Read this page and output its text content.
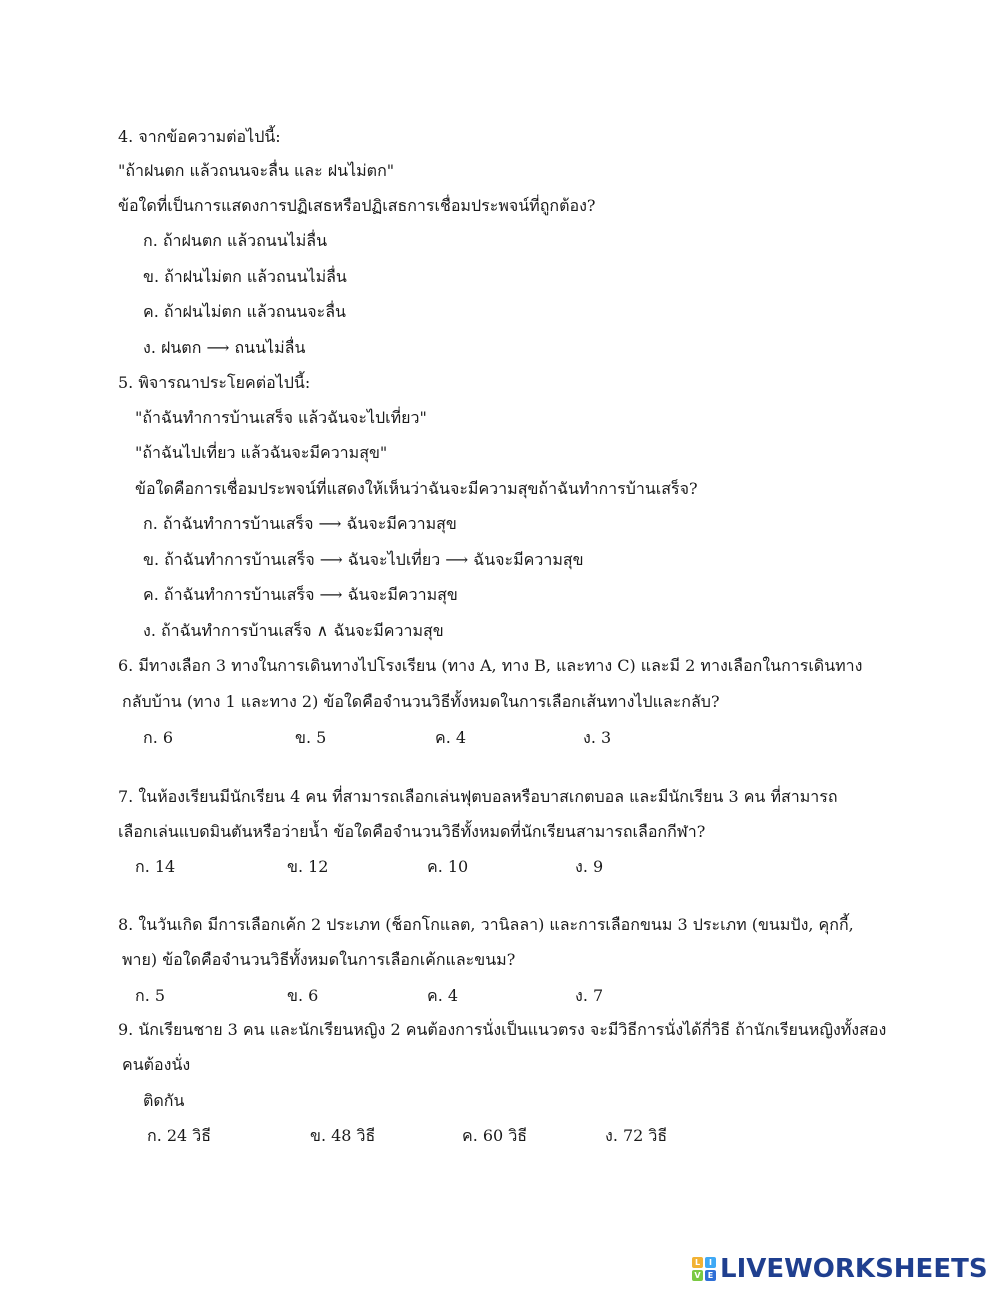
4. จากข้อความต่อไปนี้:
"ถ้าฝนตก แล้วถนนจะลื่น และ ฝนไม่ตก"
ข้อใดที่เป็นการแสดงการปฏิเสธหรือปฏิเสธการเชื่อมประพจน์ที่ถูกต้อง?
ก. ถ้าฝนตก แล้วถนนไม่ลื่น
ข. ถ้าฝนไม่ตก แล้วถนนไม่ลื่น
ค. ถ้าฝนไม่ตก แล้วถนนจะลื่น
ง. ฝนตก ⟶ ถนนไม่ลื่น
5. พิจารณาประโยคต่อไปนี้:
"ถ้าฉันทำการบ้านเสร็จ แล้วฉันจะไปเที่ยว"
"ถ้าฉันไปเที่ยว แล้วฉันจะมีความสุข"
ข้อใดคือการเชื่อมประพจน์ที่แสดงให้เห็นว่าฉันจะมีความสุขถ้าฉันทำการบ้านเสร็จ?
ก. ถ้าฉันทำการบ้านเสร็จ ⟶ ฉันจะมีความสุข
ข. ถ้าฉันทำการบ้านเสร็จ ⟶ ฉันจะไปเที่ยว ⟶ ฉันจะมีความสุข
ค. ถ้าฉันทำการบ้านเสร็จ ⟶ ฉันจะมีความสุข
ง. ถ้าฉันทำการบ้านเสร็จ ∧ ฉันจะมีความสุข
6. มีทางเลือก 3 ทางในการเดินทางไปโรงเรียน (ทาง A, ทาง B, และทาง C) และมี 2 ทางเลือกในการเดินทาง
กลับบ้าน (ทาง 1 และทาง 2) ข้อใดคือจำนวนวิธีทั้งหมดในการเลือกเส้นทางไปและกลับ?
ก. 6	ข. 5	ค. 4	ง. 3
7. ในห้องเรียนมีนักเรียน 4 คน ที่สามารถเลือกเล่นฟุตบอลหรือบาสเกตบอล และมีนักเรียน 3 คน ที่สามารถ
เลือกเล่นแบดมินตันหรือว่ายน้ำ ข้อใดคือจำนวนวิธีทั้งหมดที่นักเรียนสามารถเลือกกีฬา?
ก. 14	ข. 12	ค. 10	ง. 9
8. ในวันเกิด มีการเลือกเค้ก 2 ประเภท (ช็อกโกแลต, วานิลลา) และการเลือกขนม 3 ประเภท (ขนมปัง, คุกกี้,
พาย) ข้อใดคือจำนวนวิธีทั้งหมดในการเลือกเค้กและขนม?
ก. 5	ข. 6	ค. 4	ง. 7
9. นักเรียนชาย 3 คน และนักเรียนหญิง 2 คนต้องการนั่งเป็นแนวตรง จะมีวิธีการนั่งได้กี่วิธี ถ้านักเรียนหญิงทั้งสอง
คนต้องนั่ง
ติดกัน
ก. 24 วิธี	ข. 48 วิธี	ค. 60 วิธี	ง. 72 วิธี
L	I
V E LIVEWORKSHEETS
